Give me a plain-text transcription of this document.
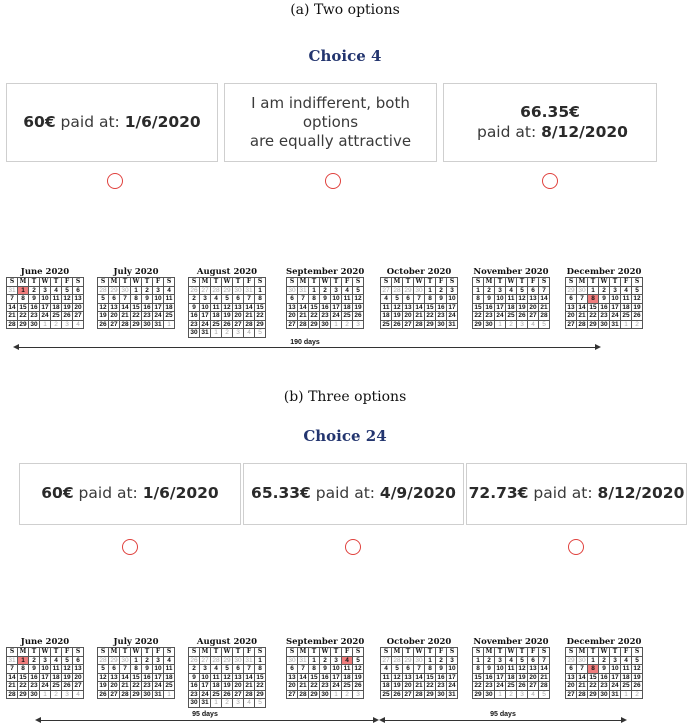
(a) Two options
Choice 4
60€ paid at: 1/6/2020
I am indifferent, both options
are equally attractive
66.35€ paid at: 8/12/2020
June 2020
S	M	T	W	T	F	S
31	1	2	3	4	5	6
7	8	9	10	11	12	13
14	15	16	17	18	19	20
21	22	23	24	25	26	27
28	29	30	1	2	3	4
July 2020
S	M	T	W	T	F	S
28	29	30	1	2	3	4
5	6	7	8	9	10	11
12	13	14	15	16	17	18
19	20	21	22	23	24	25
26	27	28	29	30	31	1
August 2020
S	M	T	W	T	F	S
26	27	28	29	30	31	1
2	3	4	5	6	7	8
9	10	11	12	13	14	15
16	17	18	19	20	21	22
23	24	25	26	27	28	29
30	31	1	2	3	4	5
September 2020
S	M	T	W	T	F	S
30	31	1	2	3	4	5
6	7	8	9	10	11	12
13	14	15	16	17	18	19
20	21	22	23	24	25	26
27	28	29	30	1	2	3
October 2020
S	M	T	W	T	F	S
27	28	29	30	1	2	3
4	5	6	7	8	9	10
11	12	13	14	15	16	17
18	19	20	21	22	23	24
25	26	27	28	29	30	31
November 2020
S	M	T	W	T	F	S
1	2	3	4	5	6	7
8	9	10	11	12	13	14
15	16	17	18	19	20	21
22	23	24	25	26	27	28
29	30	1	2	3	4	5
December 2020
S	M	T	W	T	F	S
29	30	1	2	3	4	5
6	7	8	9	10	11	12
13	14	15	16	17	18	19
20	21	22	23	24	25	26
27	28	29	30	31	1	2
190 days
(b) Three options
Choice 24
60€ paid at: 1/6/2020 65.33€ paid at: 4/9/2020 72.73€ paid at: 8/12/2020
June 2020
S	M	T	W	T	F	S
31	1	2	3	4	5	6
7	8	9	10	11	12	13
14	15	16	17	18	19	20
21	22	23	24	25	26	27
28	29	30	1	2	3	4
July 2020
S	M	T	W	T	F	S
28	29	30	1	2	3	4
5	6	7	8	9	10	11
12	13	14	15	16	17	18
19	20	21	22	23	24	25
26	27	28	29	30	31	1
August 2020
S	M	T	W	T	F	S
26	27	28	29	30	31	1
2	3	4	5	6	7	8
9	10	11	12	13	14	15
16	17	18	19	20	21	22
23	24	25	26	27	28	29
30	31	1	2	3	4	5
September 2020
S	M	T	W	T	F	S
30	31	1	2	3	4	5
6	7	8	9	10	11	12
13	14	15	16	17	18	19
20	21	22	23	24	25	26
27	28	29	30	1	2	3
October 2020
S	M	T	W	T	F	S
27	28	29	30	1	2	3
4	5	6	7	8	9	10
11	12	13	14	15	16	17
18	19	20	21	22	23	24
25	26	27	28	29	30	31
November 2020
S	M	T	W	T	F	S
1	2	3	4	5	6	7
8	9	10	11	12	13	14
15	16	17	18	19	20	21
22	23	24	25	26	27	28
29	30	1	2	3	4	5
December 2020
S	M	T	W	T	F	S
29	30	1	2	3	4	5
6	7	8	9	10	11	12
13	14	15	16	17	18	19
20	21	22	23	24	25	26
27	28	29	30	31	1	2
95 days	95 days
